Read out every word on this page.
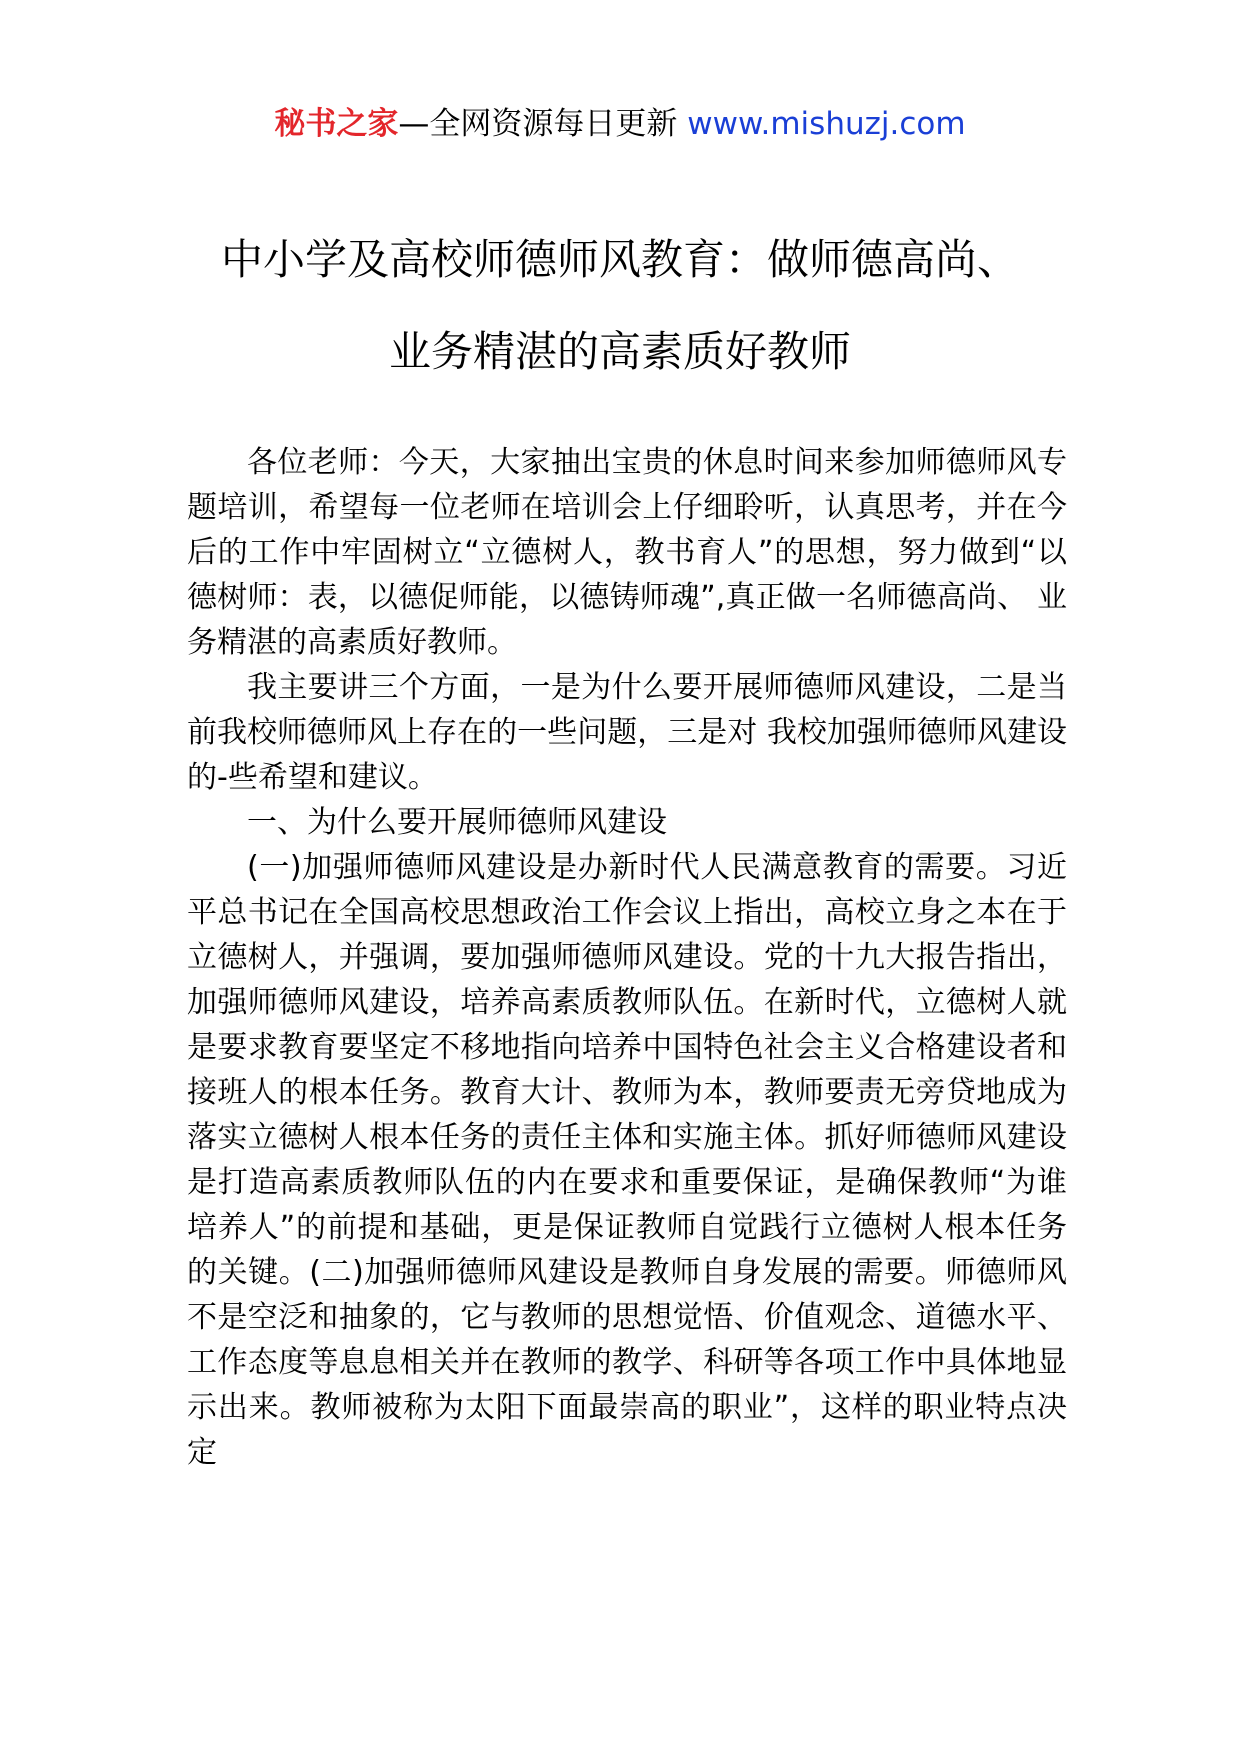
秘书之家—全网资源每日更新 www.mishuzj.com
中小学及高校师德师风教育：做师德高尚、
业务精湛的高素质好教师

各位老师：今天，大家抽出宝贵的休息时间来参加师德师风专题培训，希望每一位老师在培训会上仔细聆听，认真思考，并在今后的工作中牢固树立“立德树人，教书育人”的思想，努力做到“以德树师：表，以德促师能，以德铸师魂”,真正做一名师德高尚、 业务精湛的高素质好教师。

我主要讲三个方面，一是为什么要开展师德师风建设，二是当前我校师德师风上存在的一些问题，三是对 我校加强师德师风建设的-些希望和建议。

一、为什么要开展师德师风建设

(一)加强师德师风建设是办新时代人民满意教育的需要。习近平总书记在全国高校思想政治工作会议上指出，高校立身之本在于立德树人，并强调，要加强师德师风建设。党的十九大报告指出，加强师德师风建设，培养高素质教师队伍。在新时代，立德树人就是要求教育要坚定不移地指向培养中国特色社会主义合格建设者和接班人的根本任务。教育大计、教师为本，教师要责无旁贷地成为落实立德树人根本任务的责任主体和实施主体。抓好师德师风建设是打造高素质教师队伍的内在要求和重要保证，是确保教师“为谁培养人”的前提和基础，更是保证教师自觉践行立德树人根本任务的关键。(二)加强师德师风建设是教师自身发展的需要。师德师风不是空泛和抽象的，它与教师的思想觉悟、价值观念、道德水平、工作态度等息息相关并在教师的教学、科研等各项工作中具体地显示出来。教师被称为太阳下面最崇高的职业”，这样的职业特点决定
